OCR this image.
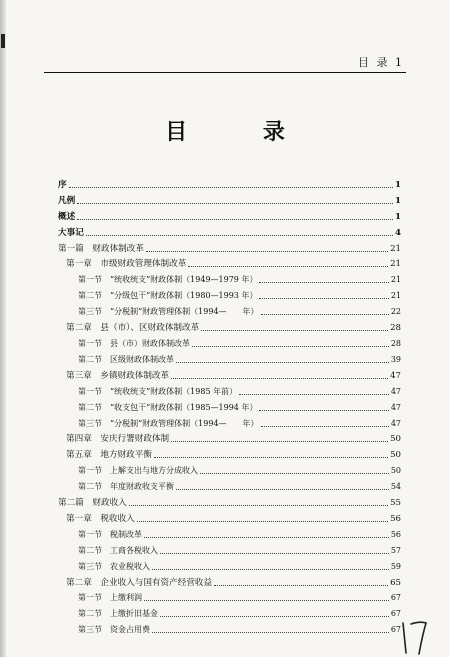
目 录 1
目 录
序	1
凡例	1
概述	1
大事记	4
第一篇　财政体制改革	21
第一章　市级财政管理体制改革	21
第一节　“统收统支”财政体制（1949—1979 年）	21
第二节　“分级包干”财政体制（1980—1993 年）	21
第三节　“分税制”财政管理体制（1994—　　年）	22
第二章　县（市）、区财政体制改革	28
第一节　县（市）财政体制改革	28
第二节　区级财政体制改革	39
第三章　乡镇财政体制改革	47
第一节　“统收统支”财政体制（1985 年前）	47
第二节　“收支包干”财政体制（1985—1994 年）	47
第三节　“分税制”财政管理体制（1994—　　年）	47
第四章　安庆行署财政体制	50
第五章　地方财政平衡	50
第一节　上解支出与地方分成收入	50
第二节　年度财政收支平衡	54
第二篇　财政收入	55
第一章　税收收入	56
第一节　税制改革	56
第二节　工商各税收入	57
第三节　农业税收入	59
第二章　企业收入与国有资产经营收益	65
第一节　上缴利润	67
第二节　上缴折旧基金	67
第三节　资金占用费	67
